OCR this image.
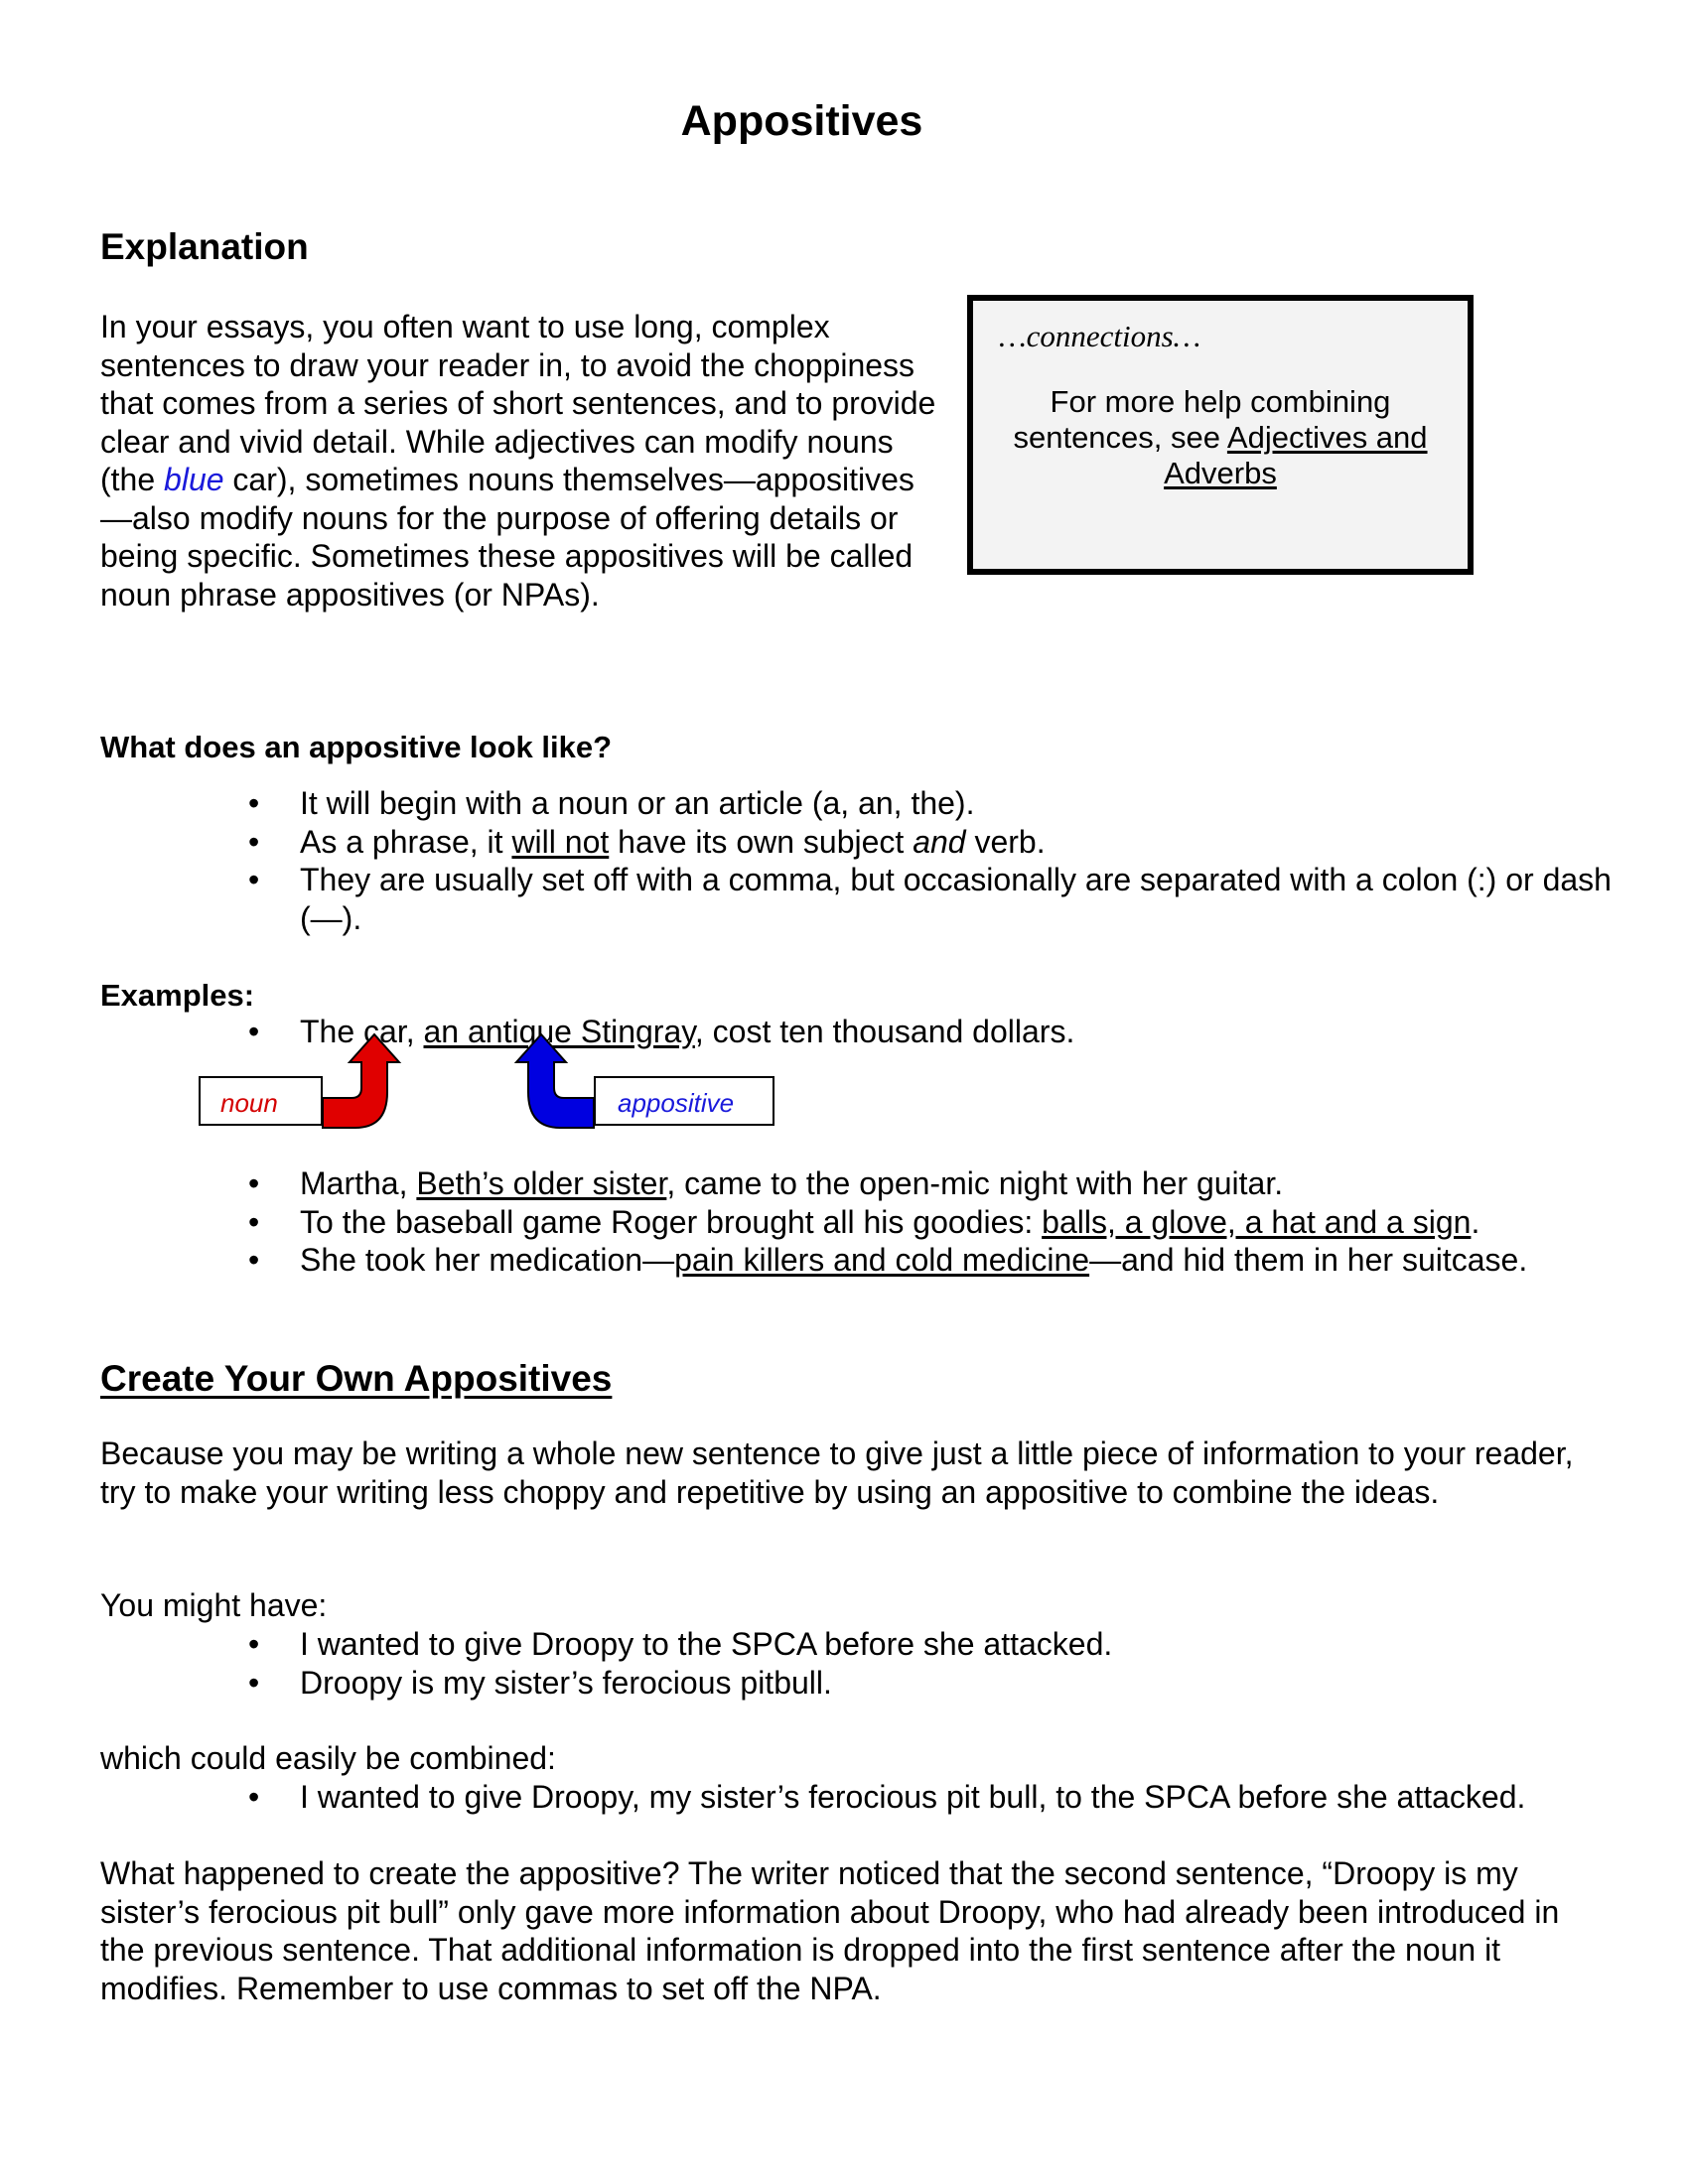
Appositives
Explanation
In your essays, you often want to use long, complex sentences to draw your reader in, to avoid the choppiness that comes from a series of short sentences, and to provide clear and vivid detail. While adjectives can modify nouns (the blue car), sometimes nouns themselves—appositives—also modify nouns for the purpose of offering details or being specific. Sometimes these appositives will be called noun phrase appositives (or NPAs).
…connections…
For more help combining sentences, see Adjectives and Adverbs
What does an appositive look like?
• It will begin with a noun or an article (a, an, the).
• As a phrase, it will not have its own subject and verb.
• They are usually set off with a comma, but occasionally are separated with a colon (:) or dash (—).
Examples:
• The car, an antique Stingray, cost ten thousand dollars.
noun	appositive
• Martha, Beth’s older sister, came to the open-mic night with her guitar.
• To the baseball game Roger brought all his goodies: balls, a glove, a hat and a sign.
• She took her medication—pain killers and cold medicine—and hid them in her suitcase.
Create Your Own Appositives
Because you may be writing a whole new sentence to give just a little piece of information to your reader, try to make your writing less choppy and repetitive by using an appositive to combine the ideas.
You might have:
• I wanted to give Droopy to the SPCA before she attacked.
• Droopy is my sister’s ferocious pitbull.
which could easily be combined:
• I wanted to give Droopy, my sister’s ferocious pit bull, to the SPCA before she attacked.
What happened to create the appositive? The writer noticed that the second sentence, “Droopy is my sister’s ferocious pit bull” only gave more information about Droopy, who had already been introduced in the previous sentence. That additional information is dropped into the first sentence after the noun it modifies. Remember to use commas to set off the NPA.
